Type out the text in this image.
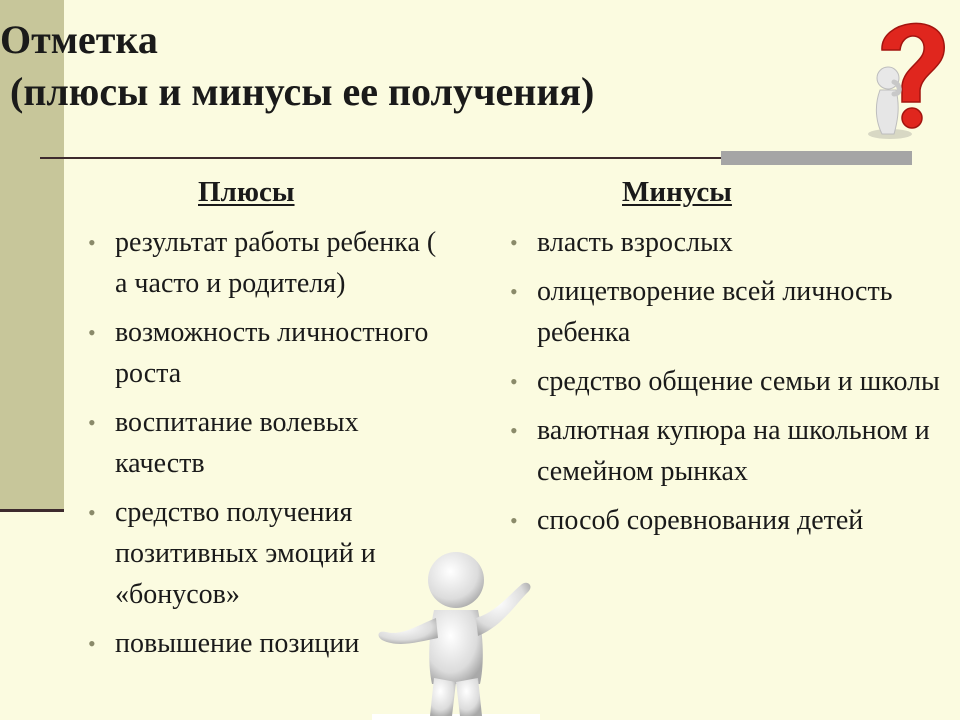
Отметка
(плюсы и минусы ее получения)
Плюсы
• результат работы ребенка ( а часто и родителя)
• возможность личностного роста
• воспитание волевых качеств
• средство получения позитивных эмоций и «бонусов»
• повышение позиции
Минусы
• власть взрослых
• олицетворение всей личность ребенка
• средство общение семьи и школы
• валютная купюра на школьном и семейном рынках
• способ соревнования детей
